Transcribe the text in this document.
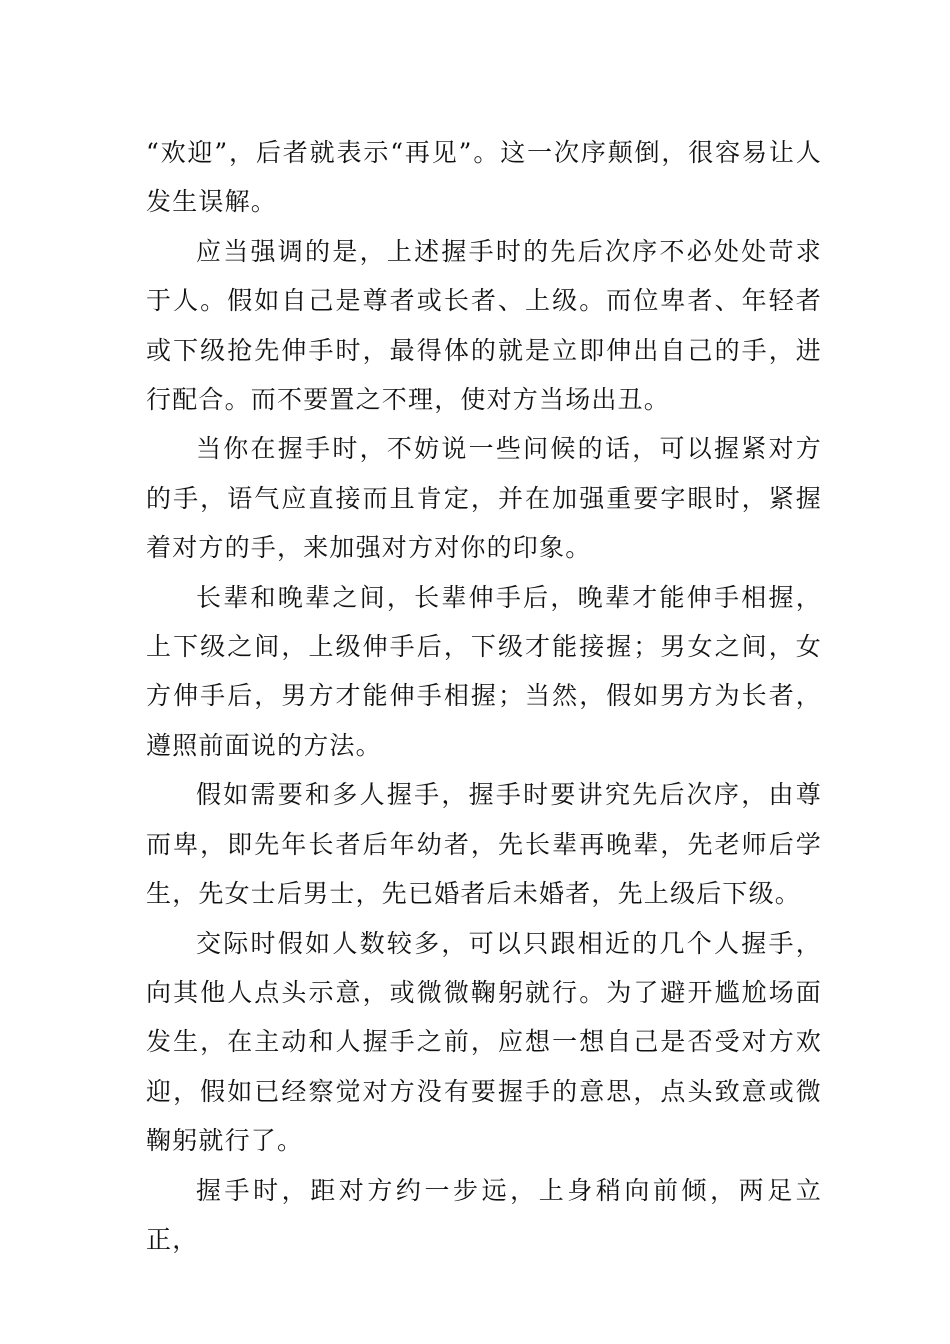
“欢迎”，后者就表示“再见”。这一次序颠倒，很容易让人发生误解。

应当强调的是，上述握手时的先后次序不必处处苛求于人。假如自己是尊者或长者、上级。而位卑者、年轻者或下级抢先伸手时，最得体的就是立即伸出自己的手，进行配合。而不要置之不理，使对方当场出丑。

当你在握手时，不妨说一些问候的话，可以握紧对方的手，语气应直接而且肯定，并在加强重要字眼时，紧握着对方的手，来加强对方对你的印象。

长辈和晚辈之间，长辈伸手后，晚辈才能伸手相握，上下级之间，上级伸手后，下级才能接握；男女之间，女方伸手后，男方才能伸手相握；当然，假如男方为长者，遵照前面说的方法。

假如需要和多人握手，握手时要讲究先后次序，由尊而卑，即先年长者后年幼者，先长辈再晚辈，先老师后学生，先女士后男士，先已婚者后未婚者，先上级后下级。

交际时假如人数较多，可以只跟相近的几个人握手，向其他人点头示意，或微微鞠躬就行。为了避开尴尬场面发生，在主动和人握手之前，应想一想自己是否受对方欢迎，假如已经察觉对方没有要握手的意思，点头致意或微鞠躬就行了。

握手时，距对方约一步远，上身稍向前倾，两足立正，
